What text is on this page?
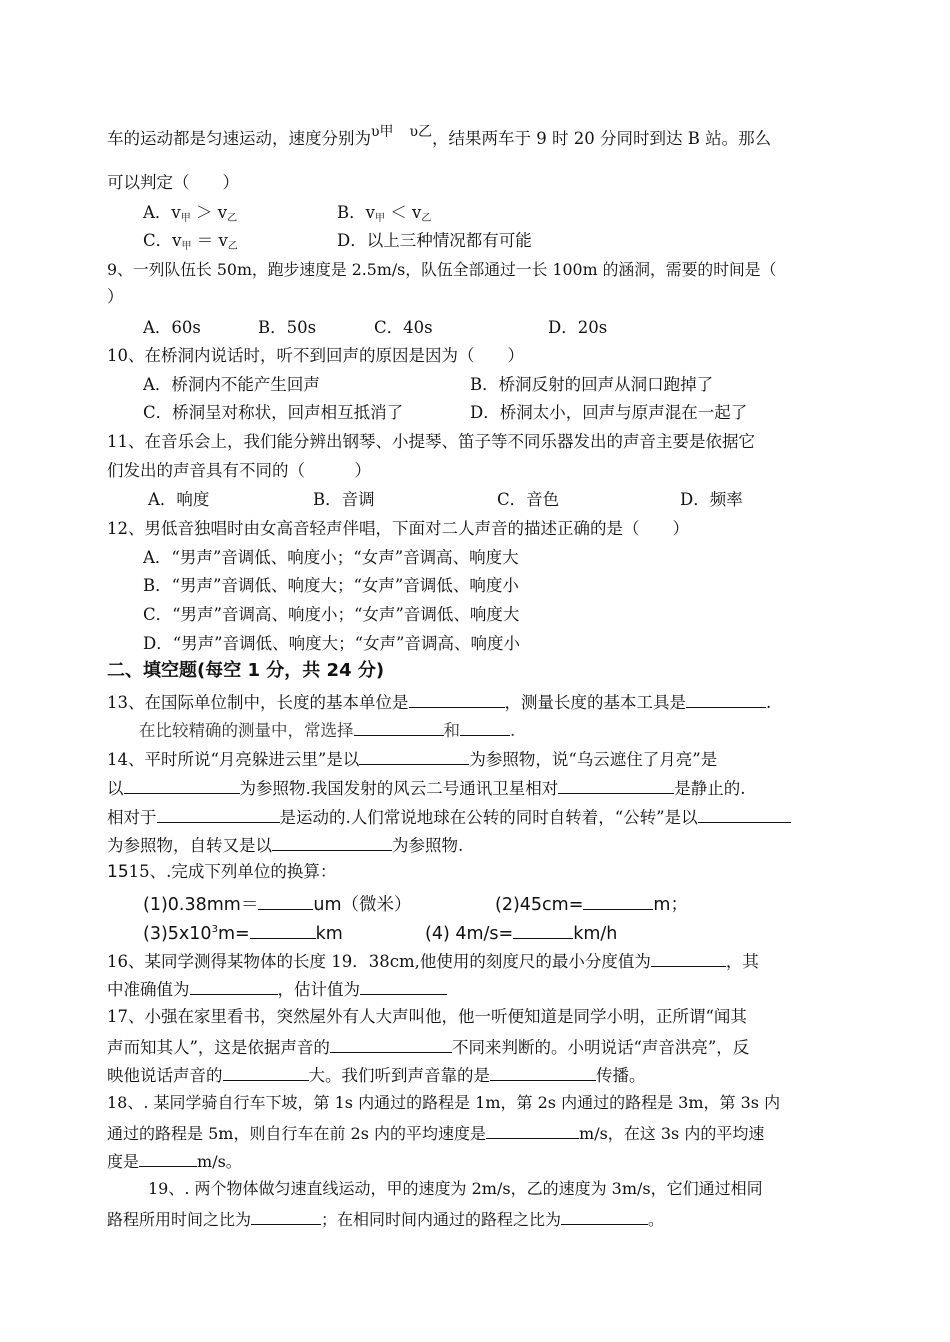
车的运动都是匀速运动，速度分别为$^{\upsilon 甲}$ $^{\upsilon 乙}$，结果两车于 9 时 20 分同时到达 B 站。那么
可以判定（　　）
A．v甲 ＞ v乙	B．v甲 ＜ v乙
C．v甲 ＝ v乙	D．以上三种情况都有可能
9、一列队伍长 50m，跑步速度是 2.5m/s，队伍全部通过一长 100m 的涵洞，需要的时间是（
）
A．60s	B．50s	C．40s	D．20s
10、在桥洞内说话时，听不到回声的原因是因为（　　）
A．桥洞内不能产生回声	B．桥洞反射的回声从洞口跑掉了
C．桥洞呈对称状，回声相互抵消了	D．桥洞太小，回声与原声混在一起了
11、在音乐会上，我们能分辨出钢琴、小提琴、笛子等不同乐器发出的声音主要是依据它
们发出的声音具有不同的（　　　）
A．响度	B．音调	C．音色	D．频率
12、男低音独唱时由女高音轻声伴唱，下面对二人声音的描述正确的是（　　）
A．“男声”音调低、响度小；“女声”音调高、响度大
B．“男声”音调低、响度大；“女声”音调低、响度小
C．“男声”音调高、响度小；“女声”音调低、响度大
D．“男声”音调低、响度大；“女声”音调高、响度小
二、填空题(每空 1 分，共 24 分)
13、在国际单位制中，长度的基本单位是	，测量长度的基本工具是	.
在比较精确的测量中，常选择	和	.
14、平时所说“月亮躲进云里”是以	为参照物，说“乌云遮住了月亮”是
以	为参照物.我国发射的风云二号通讯卫星相对	是静止的.
相对于	是运动的.人们常说地球在公转的同时自转着，“公转”是以
为参照物，自转又是以	为参照物.
1515、.完成下列单位的换算：
(1)0.38mm＝	um（微米）	(2)45cm=	m；
$(3)5x10^3m=$	km	(4) 4m/s=	km/h
16、某同学测得某物体的长度 19．38cm,他使用的刻度尺的最小分度值为	，其
中准确值为	，估计值为
17、小强在家里看书，突然屋外有人大声叫他，他一听便知道是同学小明，正所谓“闻其
声而知其人”，这是依据声音的	不同来判断的。小明说话“声音洪亮”，反
映他说话声音的	大。我们听到声音靠的是	传播。
18、. 某同学骑自行车下坡，第 1s 内通过的路程是 1m，第 2s 内通过的路程是 3m，第 3s 内
通过的路程是 5m，则自行车在前 2s 内的平均速度是	m/s，在这 3s 内的平均速
度是	m/s。
19、. 两个物体做匀速直线运动，甲的速度为 2m/s，乙的速度为 3m/s，它们通过相同
路程所用时间之比为	；在相同时间内通过的路程之比为	。
